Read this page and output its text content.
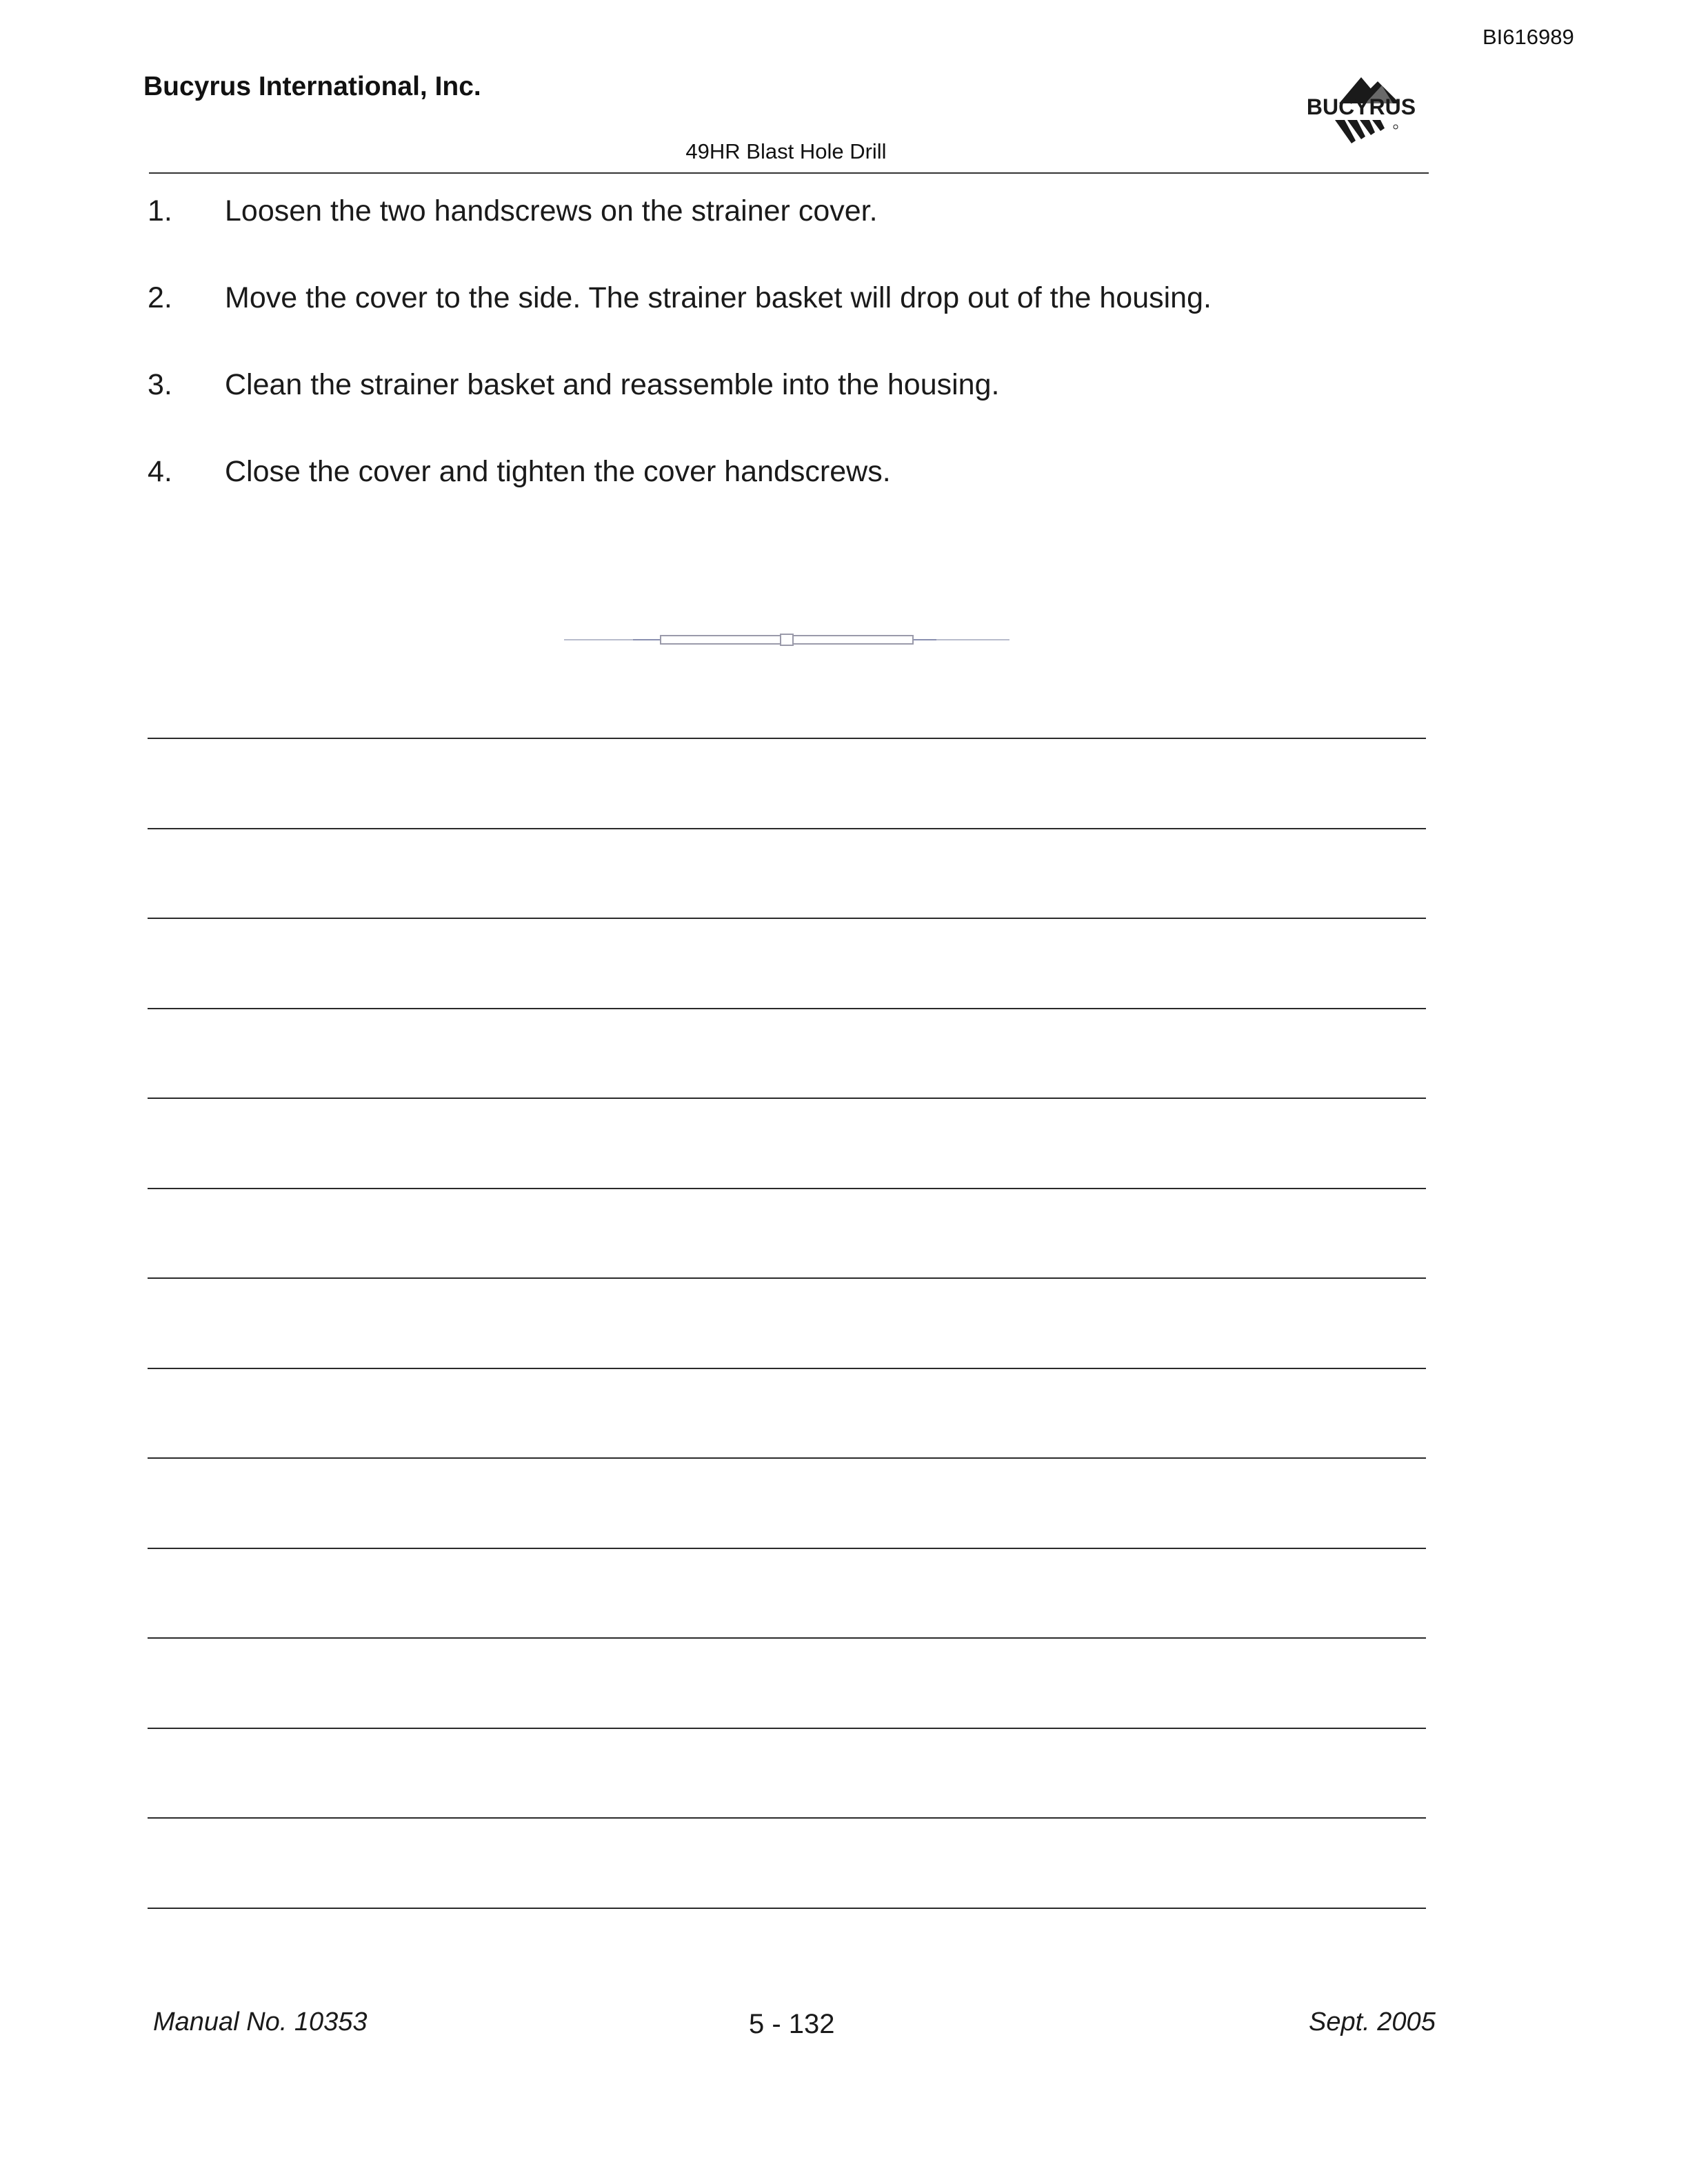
BI616989
Bucyrus International, Inc.
BUCYRUS
49HR Blast Hole Drill
1. Loosen the two handscrews on the strainer cover.
2. Move the cover to the side. The strainer basket will drop out of the housing.
3. Clean the strainer basket and reassemble into the housing.
4. Close the cover and tighten the cover handscrews.
Manual No. 10353	5 - 132	Sept. 2005
